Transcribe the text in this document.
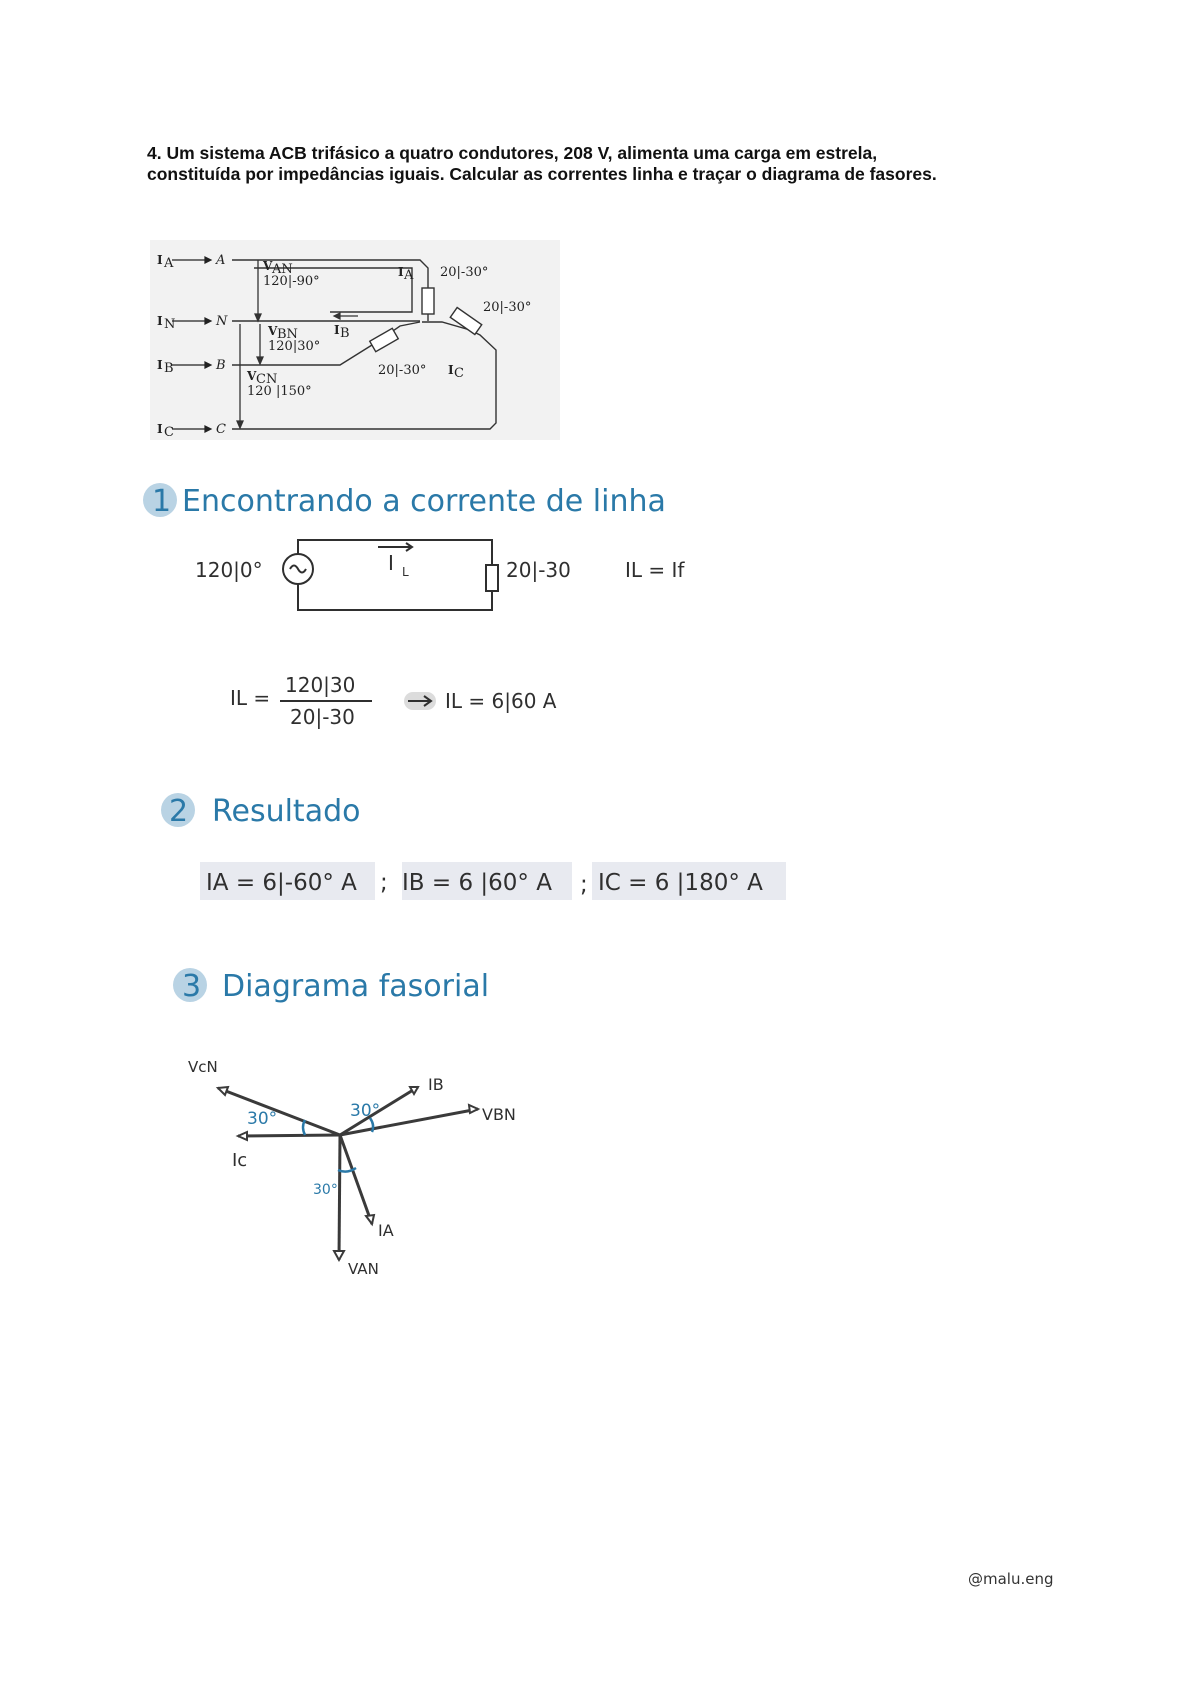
4. Um sistema ACB trifásico a quatro condutores, 208 V, alimenta uma carga em estrela,

constituída por impedâncias iguais. Calcular as correntes linha e traçar o diagrama de fasores.

I A
I N
I B
I C
A
N
B
C
V AN
120|-90°
V BN
120|30°
V CN
120 |150°
20|-30°
20|-30°
20|-30°
I A
I B
I C
1 Encontrando a corrente de linha
120|0°	I L	20|-30	IL = If
IL =
120|30
20|-30
IL = 6|60 A
2 Resultado
IA = 6|-60° A ; IB = 6 |60° A ; IC = 6 |180° A
3 Diagrama fasorial
30°	30°
30°
VcN
IB
VBN
Ic
IA
VAN
@malu.eng
